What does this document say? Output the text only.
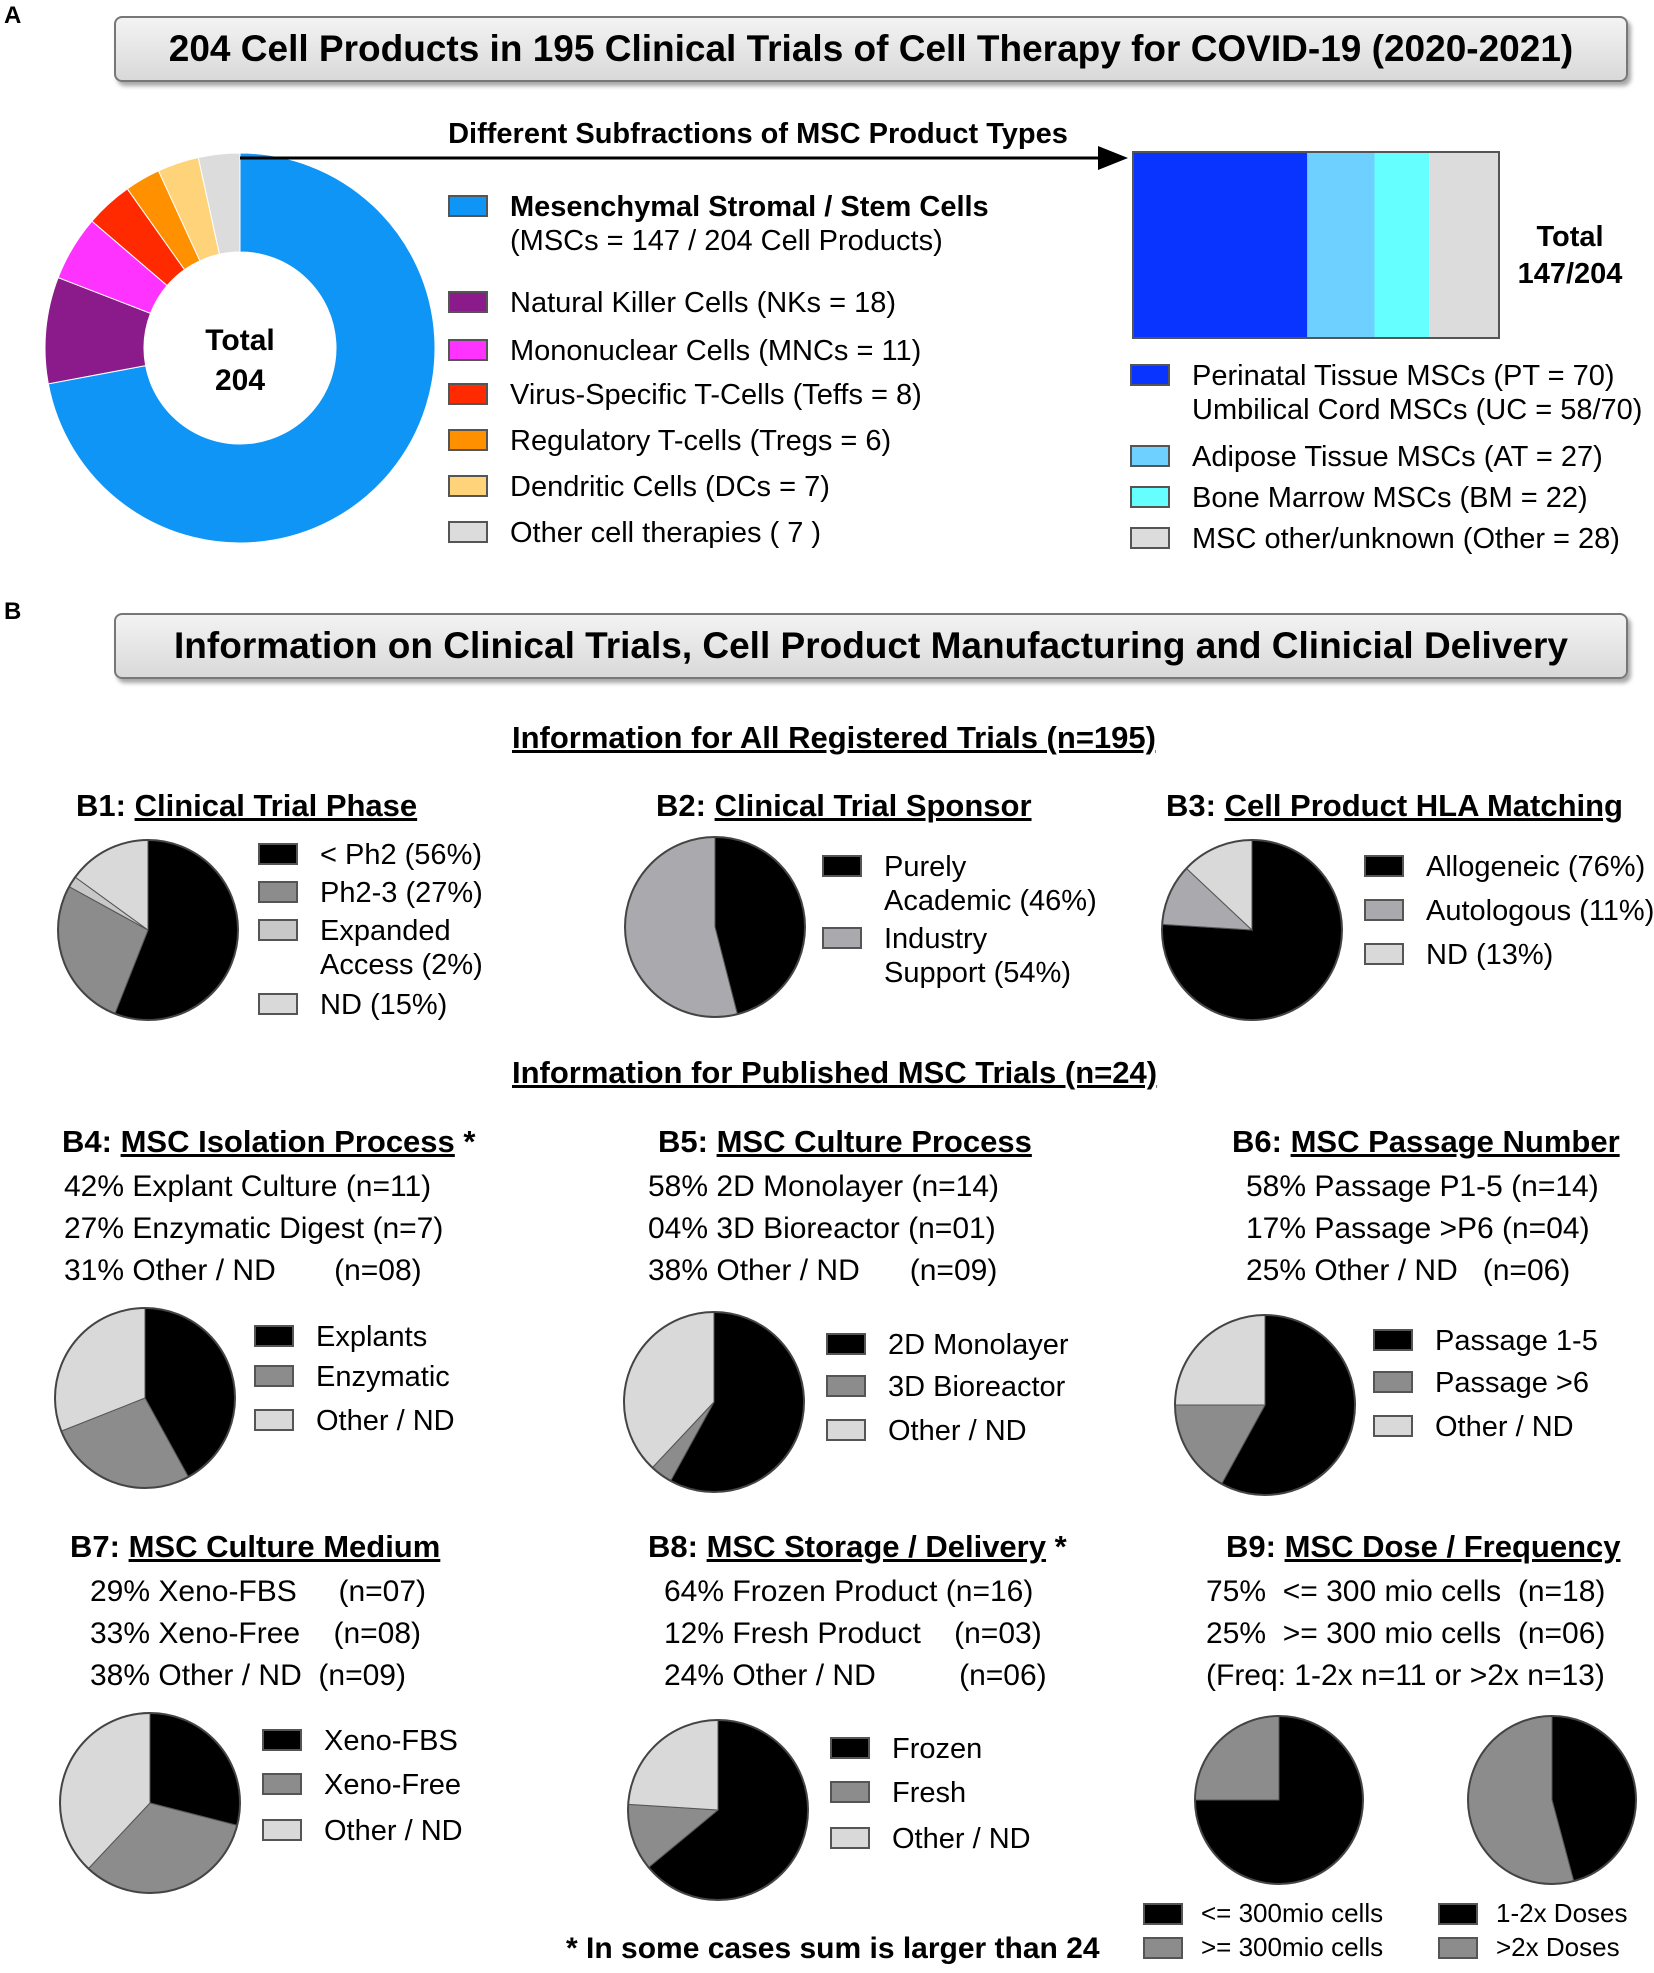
A
204 Cell Products in 195 Clinical Trials of Cell Therapy for COVID-19 (2020-2021)
Total
204
Different Subfractions of MSC Product Types
Total
147/204
Mesenchymal Stromal / Stem Cells
(MSCs = 147 / 204 Cell Products)
Natural Killer Cells (NKs = 18)
Mononuclear Cells (MNCs = 11)
Virus-Specific T-Cells (Teffs = 8)
Regulatory T-cells (Tregs = 6)
Dendritic Cells (DCs = 7)
Other cell therapies ( 7 )
Perinatal Tissue MSCs (PT = 70)
Umbilical Cord MSCs (UC = 58/70)
Adipose Tissue MSCs (AT = 27)
Bone Marrow MSCs (BM = 22)
MSC other/unknown (Other = 28)
B
Information on Clinical Trials, Cell Product Manufacturing and Clinicial Delivery
Information for All Registered Trials (n=195)
Information for Published MSC Trials (n=24)
B1: Clinical Trial Phase
< Ph2 (56%)
Ph2-3 (27%)
Expanded
Access (2%)
ND (15%)
B2: Clinical Trial Sponsor
Purely
Academic (46%)
Industry
Support (54%)
B3: Cell Product HLA Matching
Allogeneic (76%)
Autologous (11%)
ND (13%)
B4: MSC Isolation Process *
42% Explant Culture (n=11)
27% Enzymatic Digest (n=7)
31% Other / ND       (n=08)
Explants
Enzymatic
Other / ND
B5: MSC Culture Process
58% 2D Monolayer (n=14)
04% 3D Bioreactor (n=01)
38% Other / ND      (n=09)
2D Monolayer
3D Bioreactor
Other / ND
B6: MSC Passage Number
58% Passage P1-5 (n=14)
17% Passage >P6 (n=04)
25% Other / ND   (n=06)
Passage 1-5
Passage >6
Other / ND
B7: MSC Culture Medium
29% Xeno-FBS     (n=07)
33% Xeno-Free    (n=08)
38% Other / ND  (n=09)
Xeno-FBS
Xeno-Free
Other / ND
B8: MSC Storage / Delivery *
64% Frozen Product (n=16)
12% Fresh Product    (n=03)
24% Other / ND          (n=06)
Frozen
Fresh
Other / ND
B9: MSC Dose / Frequency
75%  <= 300 mio cells  (n=18)
25%  >= 300 mio cells  (n=06)
(Freq: 1-2x n=11 or >2x n=13)
<= 300mio cells
>= 300mio cells
1-2x Doses
>2x Doses
* In some cases sum is larger than 24
